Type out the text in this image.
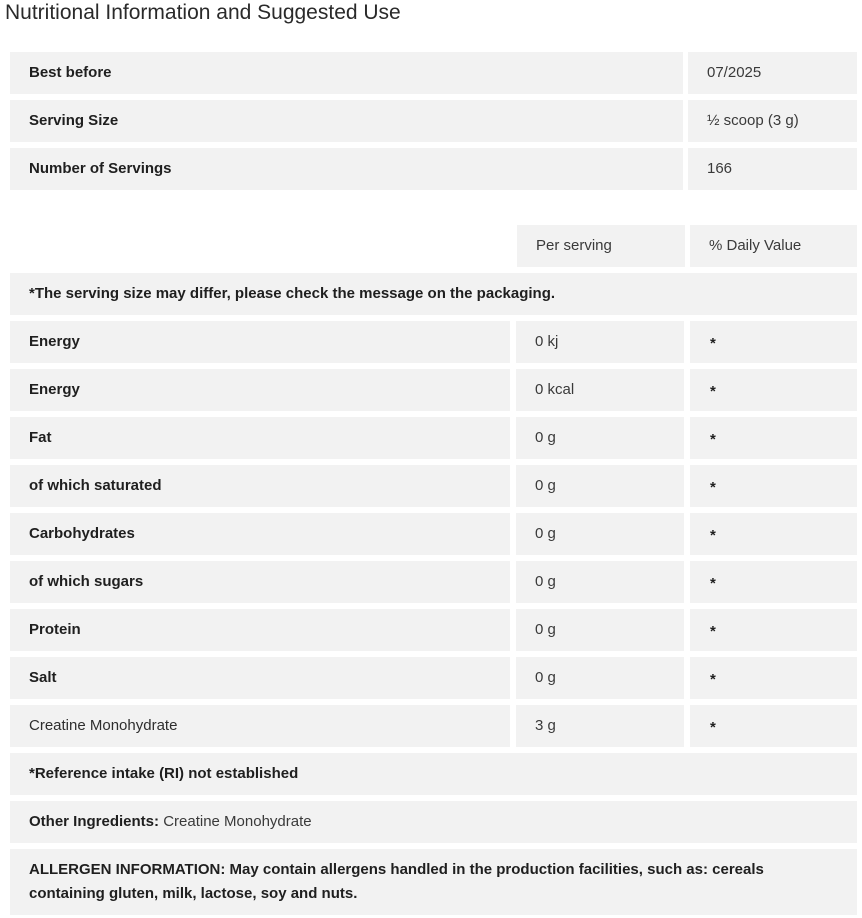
Nutritional Information and Suggested Use
Best before	07/2025
Serving Size	½ scoop (3 g)
Number of Servings	166
Per serving	% Daily Value
*The serving size may differ, please check the message on the packaging.
Energy	0 kj	*
Energy	0 kcal	*
Fat	0 g	*
of which saturated	0 g	*
Carbohydrates	0 g	*
of which sugars	0 g	*
Protein	0 g	*
Salt	0 g	*
Creatine Monohydrate	3 g	*
*Reference intake (RI) not established
Other Ingredients:
Creatine Monohydrate
ALLERGEN INFORMATION: May contain allergens handled in the production facilities, such as: cereals containing gluten, milk, lactose, soy and nuts.
